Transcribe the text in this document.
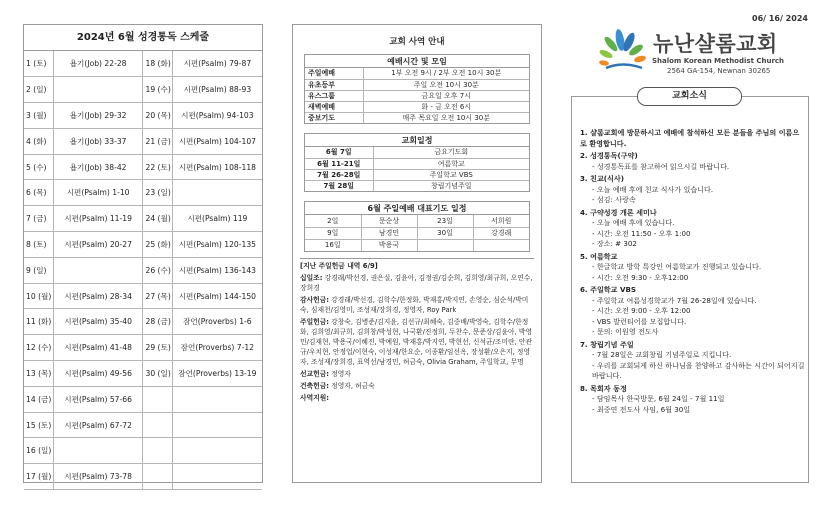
2024년 6월 성경통독 스케줄
1 (토)	욥기(Job) 22-28	18 (화)	시편(Psalm) 79-87
2 (일)		19 (수)	시편(Psalm) 88-93
3 (월)	욥기(Job) 29-32	20 (목)	시편(Psalm) 94-103
4 (화)	욥기(Job) 33-37	21 (금)	시편(Psalm) 104-107
5 (수)	욥기(Job) 38-42	22 (토)	시편(Psalm) 108-118
6 (목)	시편(Psalm) 1-10	23 (일)	
7 (금)	시편(Psalm) 11-19	24 (월)	시편(Psalm) 119
8 (토)	시편(Psalm) 20-27	25 (화)	시편(Psalm) 120-135
9 (일)		26 (수)	시편(Psalm) 136-143
10 (월)	시편(Psalm) 28-34	27 (목)	시편(Psalm) 144-150
11 (화)	시편(Psalm) 35-40	28 (금)	잠언(Proverbs) 1-6
12 (수)	시편(Psalm) 41-48	29 (토)	잠언(Proverbs) 7-12
13 (목)	시편(Psalm) 49-56	30 (일)	잠언(Proverbs) 13-19
14 (금)	시편(Psalm) 57-66		
15 (토)	시편(Psalm) 67-72		
16 (일)			
17 (월)	시편(Psalm) 73-78		
교회 사역 안내
예배시간 및 모임
주일예배	1부 오전 9시 / 2부 오전 10시 30분
유초등부	주일 오전 10시 30분
유스그룹	금요일 오후 7시
새벽예배	화 - 금 오전 6시
중보기도	매주 목요일 오전 10시 30분
교회일정
6월 7일	금요기도회
6월 11-21일	여름학교
7월 26-28일	주일학교 VBS
7월 28일	창립기념주일
6월 주일예배 대표기도 일정
2일	문순상	23일	서희원
9일	남경민	30일	강경래
16일	박용국		

[지난 주일헌금 내역 6/9]

십일조: 강경래/박선경, 권은실, 김윤아, 김정권/김순희, 김희영/최규희, 오연수, 장희경

감사헌금: 강경래/박선경, 김학수/한정화, 박재홍/박지연, 손영순, 심순석/박미숙, 심재천/김영미, 조성재/장희경, 정영자, Roy Park

주일헌금: 강창숙, 김병준/김지윤, 김선규/최혜숙, 김중배/박영숙, 김학수/한정화, 김희영/최규희, 김희창/박성현, 나국환/진정희, 두찬수, 문준상/김윤아, 박영민/김재현, 박용국/이혜진, 박예원, 박재홍/박지연, 박현선, 신석균/조미란, 안관규/우치현, 안정업/이현숙, 이성재/한요순, 이종환/임선옥, 장성환/오은지, 정영자, 조성재/장희경, 표역선/남경민, 허금숙, Olivia Graham, 주일학교, 무명

선교헌금: 정영자

건축헌금: 정영자, 허금숙

사역지원:

06/ 16/ 2024
뉴난샬롬교회
Shalom Korean Methodist Church
2564 GA-154, Newnan 30265
교회소식
1. 샬롬교회에 방문하시고 예배에 참석하신 모든 분들을 주님의 이름으로 환영합니다.
2. 성경통독(구약)
- 성경통독표를 참고하여 읽으시길 바랍니다.
3. 친교(식사)
- 오늘 예배 후에 친교 식사가 있습니다.
- 섬김: 사랑속
4. 구약성경 개론 세미나
- 오늘 예배 후에 있습니다.
- 시간: 오전 11:50 - 오후 1:00
- 장소: # 302
5. 여름학교
- 한글학교 방학 특강인 여름학교가 진행되고 있습니다.
- 시간: 오전 9:30 - 오후12:00
6. 주일학교 VBS
- 주일학교 여름성경학교가 7월 26-28일에 있습니다.
- 시간: 오전 9:00 - 오후 12:00
- VBS 발런티어를 모집합니다.
- 문의: 이원영 전도사
7. 창립기념 주일
- 7월 28일은 교회창립 기념주일로 지킵니다.
- 우리를 교회되게 하신 하나님을 찬양하고 감사하는 시간이 되어지길 바랍니다.
8. 목회자 동정
- 담임목사 한국방문, 6월 24일 - 7월 11일
- 최중연 전도사 사임, 6월 30일
